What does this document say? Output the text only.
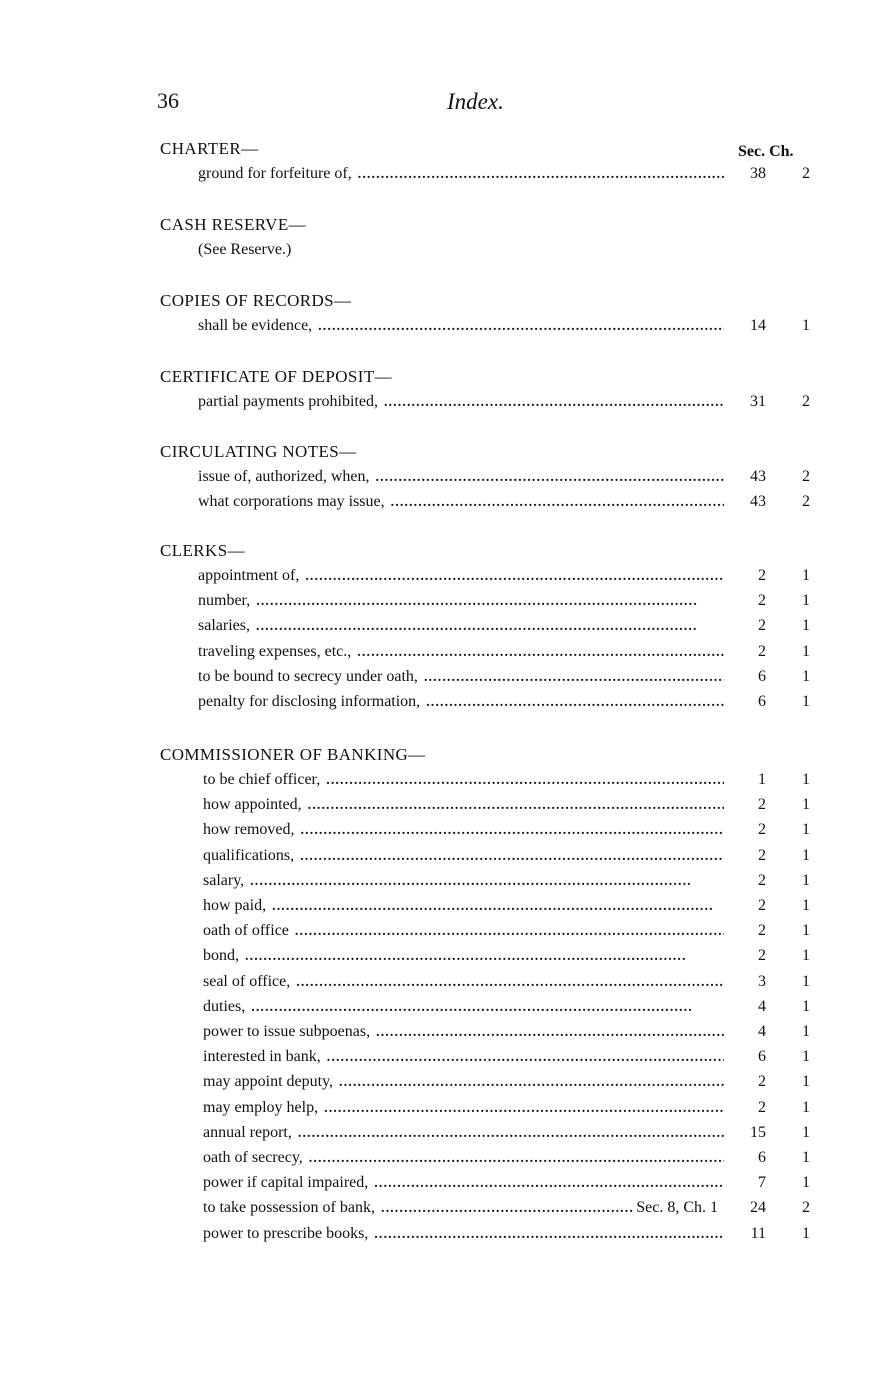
36	Index.
Sec. Ch.
CHARTER—
ground for forfeiture of, . . .	38	2
CASH RESERVE—
(See Reserve.)
COPIES OF RECORDS—
shall be evidence, . . .	14	1
CERTIFICATE OF DEPOSIT—
partial payments prohibited, . . .	31	2
CIRCULATING NOTES—
issue of, authorized, when, . . .	43	2
what corporations may issue, . . .	43	2
CLERKS—
appointment of, . . .	2	1
number, . . .	2	1
salaries, . . .	2	1
traveling expenses, etc., . . .	2	1
to be bound to secrecy under oath, . . .	6	1
penalty for disclosing information, . . .	6	1
COMMISSIONER OF BANKING—
to be chief officer, . . .	1	1
how appointed, . . .	2	1
how removed, . . .	2	1
qualifications, . . .	2	1
salary, . . .	2	1
how paid, . . .	2	1
oath of office . . .	2	1
bond, . . .	2	1
seal of office, . . .	3	1
duties, . . .	4	1
power to issue subpoenas, . . .	4	1
interested in bank, . . .	6	1
may appoint deputy, . . .	2	1
may employ help, . . .	2	1
annual report, . . .	15	1
oath of secrecy, . . .	6	1
power if capital impaired, . . .	7	1
to take possession of bank, . . .	Sec. 8, Ch. 1	24	2
power to prescribe books, . . .	11	1
